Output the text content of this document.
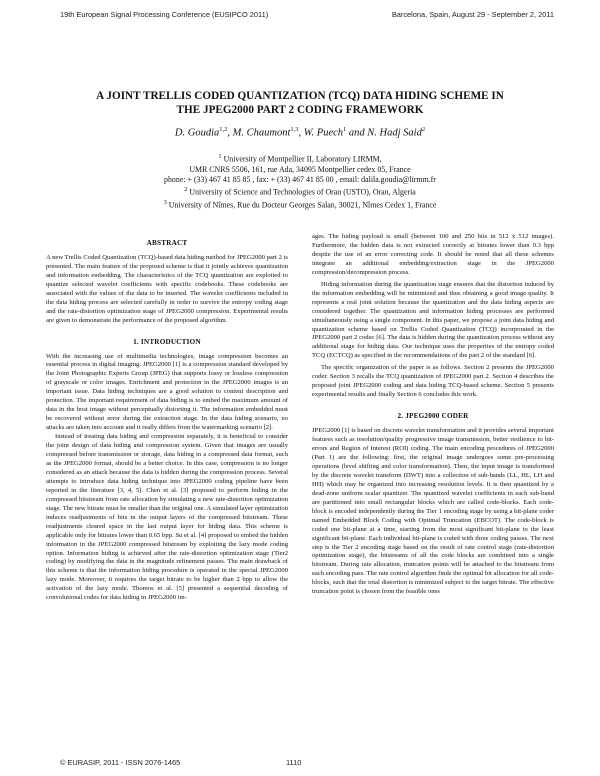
19th European Signal Processing Conference (EUSIPCO 2011)	Barcelona, Spain, August 29 - September 2, 2011
A JOINT TRELLIS CODED QUANTIZATION (TCQ) DATA HIDING SCHEME IN
THE JPEG2000 PART 2 CODING FRAMEWORK
D. Goudia$^{1,2}$, M. Chaumont$^{1,3}$, W. Puech$^1$ and N. Hadj Said$^2$
$^1$ University of Montpellier II, Laboratory LIRMM,
UMR CNRS 5506, 161, rue Ada, 34095 Montpellier cedex 05, France
phone: + (33) 467 41 85 85 , fax: + (33) 467 41 85 00 , email: dalila.goudia@lirmm.fr
$^2$ University of Science and Technologies of Oran (USTO), Oran, Algeria
$^3$ University of Nîmes, Rue du Docteur Georges Salan, 30021, Nîmes Cedex 1, France
ABSTRACT

A new Trellis Coded Quantization (TCQ)-based data hiding method for JPEG2000 part 2 is presented. The main feature of the proposed scheme is that it jointly achieves quantization and information embedding. The characteristics of the TCQ quantization are exploited to quantize selected wavelet coefficients with specific codebooks. These codebooks are associated with the values of the data to be inserted. The wavelet coefficients included in the data hiding process are selected carefully in order to survive the entropy coding stage and the rate-distortion optimization stage of JPEG2000 compression. Experimental results are given to demonstrate the performance of the proposed algorithm.

1. INTRODUCTION

With the increasing use of multimedia technologies, image compression becomes an essential process in digital imaging. JPEG2000 [1] is a compression standard developed by the Joint Photographic Experts Group (JPEG) that supports lossy or lossless compression of grayscale or color images. Enrichment and protection in the JPEG2000 images is an important issue. Data hiding techniques are a good solution to content description and protection. The important requirement of data hiding is to embed the maximum amount of data in the host image without perceptually distorting it. The information embedded must be recovered without error during the extraction stage. In the data hiding scenario, no attacks are taken into account and it really differs from the watermarking scenario [2].

Instead of treating data hiding and compression separately, it is beneficial to consider the joint design of data hiding and compression system. Given that images are usually compressed before transmission or storage, data hiding in a compressed data format, such as the JPEG2000 format, should be a better choice. In this case, compression is no longer considered as an attack because the data is hidden during the compression process. Several attempts to introduce data hiding technique into JPEG2000 coding pipeline have been reported in the literature [3, 4, 5]. Chen et al. [3] proposed to perform hiding in the compressed bitstream from rate allocation by simulating a new rate-distortion optimization stage. The new bitrate must be smaller than the original one. A simulated layer optimization induces readjustments of bits in the output layers of the compressed bitstream. These readjustments cleared space in the last output layer for hiding data. This scheme is applicable only for bitrates lower than 0.65 bpp. Su et al. [4] proposed to embed the hidden information in the JPEG2000 compressed bitstream by exploiting the lazy mode coding option. Information hiding is achieved after the rate-distortion optimization stage (Tier2 coding) by modifying the data in the magnitude refinement passes. The main drawback of this scheme is that the information hiding procedure is operated in the special JPEG2000 lazy mode. Moreover, it requires the target bitrate to be higher than 2 bpp to allow the activation of the lazy mode. Thomos et al. [5] presented a sequential decoding of convolutional codes for data hiding in JPEG2000 im-

ages. The hiding payload is small (between 100 and 250 bits in 512 x 512 images). Furthermore, the hidden data is not extracted correctly at bitrates lower than 0.3 bpp despite the use of an error correcting code. It should be noted that all these schemes integrate an additional embedding/extraction stage in the JPEG2000 compression/decompression process.

Hiding information during the quantization stage ensures that the distortion induced by the information embedding will be minimized and thus obtaining a good image quality. It represents a real joint solution because the quantization and the data hiding aspects are considered together. The quantization and information hiding processes are performed simultaneously using a single component. In this paper, we propose a joint data hiding and quantization scheme based on Trellis Coded Quantization (TCQ) incorporated in the JPEG2000 part 2 codec [6]. The data is hidden during the quantization process without any additional stage for hiding data. Our technique uses the properties of the entropy coded TCQ (ECTCQ) as specified in the recommendations of the part 2 of the standard [6].

The specific organization of the paper is as follows. Section 2 presents the JPEG2000 coder. Section 3 recalls the TCQ quantization of JPEG2000 part 2. Section 4 describes the proposed joint JPEG2000 coding and data hiding TCQ-based scheme. Section 5 presents experimental results and finally Section 6 concludes this work.

2. JPEG2000 CODER

JPEG2000 [1] is based on discrete wavelet transformation and it provides several important features such as resolution/quality progressive image transmission, better resilience to bit-errors and Region of Interest (ROI) coding. The main encoding procedures of JPEG2000 (Part 1) are the following: first, the original image undergoes some pre-processing operations (level shifting and color transformation). Then, the input image is transformed by the discrete wavelet transform (DWT) into a collection of sub-bands (LL, HL, LH and HH) which may be organized into increasing resolution levels. It is then quantized by a dead-zone uniform scalar quantizer. The quantized wavelet coefficients in each sub-band are partitioned into small rectangular blocks which are called code-blocks. Each code-block is encoded independently during the Tier 1 encoding stage by using a bit-plane coder named Embedded Block Coding with Optimal Truncation (EBCOT). The code-block is coded one bit-plane at a time, starting from the most significant bit-plane to the least significant bit-plane. Each individual bit-plane is coded with three coding passes. The next step is the Tier 2 encoding stage based on the result of rate control stage (rate-distortion optimization stage), the bitstreams of all the code blocks are combined into a single bitstream. During rate allocation, truncation points will be attached to the bitstream from each encoding pass. The rate control algorithm finds the optimal bit allocation for all code-blocks, such that the total distortion is minimized subject to the target bitrate. The effective truncation point is chosen from the feasible ones

© EURASIP, 2011 - ISSN 2076-1465	1110
